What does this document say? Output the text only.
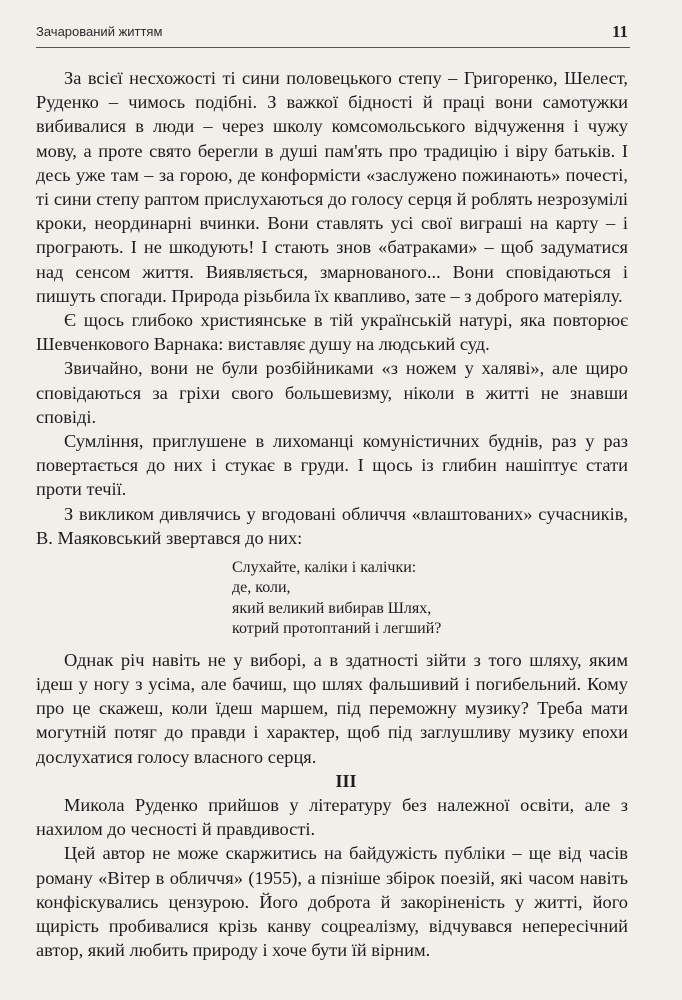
Зачарований життям	11

За всієї несхожості ті сини половецького степу – Григоренко, Шелест, Руденко – чимось подібні. З важкої бідності й праці вони самотужки вибивалися в люди – через школу комсомольського відчуження і чужу мову, а проте свято берегли в душі пам'ять про традицію і віру батьків. І десь уже там – за горою, де конформісти «заслужено пожинають» почесті, ті сини степу раптом прислухаються до голосу серця й роблять незрозумілі кроки, неординарні вчинки. Вони ставлять усі свої виграші на карту – і програють. І не шкодують! І стають знов «батраками» – щоб задуматися над сенсом життя. Виявляється, змарнованого... Вони сповідаються і пишуть спогади. Природа різьбила їх квапливо, зате – з доброго матеріялу.

Є щось глибоко християнське в тій українській натурі, яка повторює Шевченкового Варнака: виставляє душу на людський суд.

Звичайно, вони не були розбійниками «з ножем у халяві», але щиро сповідаються за гріхи свого большевизму, ніколи в житті не знавши сповіді.

Сумління, приглушене в лихоманці комуністичних буднів, раз у раз повертається до них і стукає в груди. І щось із глибин нашіптує стати проти течії.

З викликом дивлячись у вгодовані обличчя «влаштованих» сучасників, В. Маяковський звертався до них:

Слухайте, каліки і калічки:
де, коли,
який великий вибирав Шлях,
котрий протоптаний і легший?

Однак річ навіть не у виборі, а в здатності зійти з того шляху, яким ідеш у ногу з усіма, але бачиш, що шлях фальшивий і погибельний. Кому про це скажеш, коли їдеш маршем, під переможну музику? Треба мати могутній потяг до правди і характер, щоб під заглушливу музику епохи дослухатися голосу власного серця.

III

Микола Руденко прийшов у літературу без належної освіти, але з нахилом до чесності й правдивості.

Цей автор не може скаржитись на байдужість публіки – ще від часів роману «Вітер в обличчя» (1955), а пізніше збірок поезій, які часом навіть конфіскувались цензурою. Його доброта й закоріненість у житті, його щирість пробивалися крізь канву соцреалізму, відчувався непересічний автор, який любить природу і хоче бути їй вірним.
